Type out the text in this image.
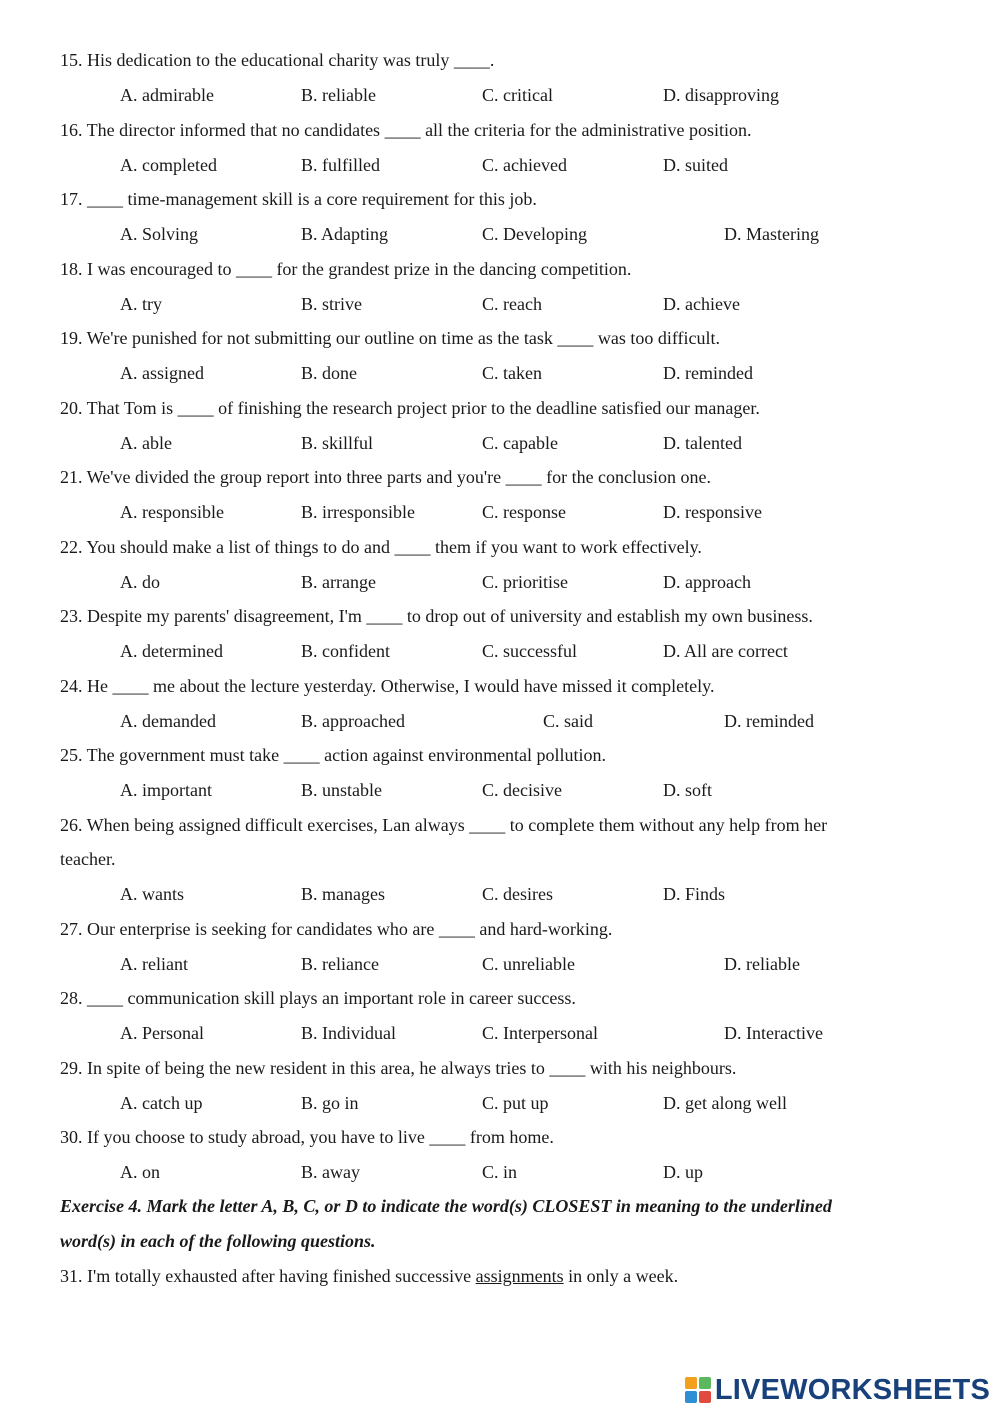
15. His dedication to the educational charity was truly ____.
A. admirable	B. reliable	C. critical	D. disapproving
16. The director informed that no candidates ____ all the criteria for the administrative position.
A. completed	B. fulfilled	C. achieved	D. suited
17. ____ time-management skill is a core requirement for this job.
A. Solving	B. Adapting	C. Developing	D. Mastering
18. I was encouraged to ____ for the grandest prize in the dancing competition.
A. try	B. strive	C. reach	D. achieve
19. We're punished for not submitting our outline on time as the task ____ was too difficult.
A. assigned	B. done	C. taken	D. reminded
20. That Tom is ____ of finishing the research project prior to the deadline satisfied our manager.
A. able	B. skillful	C. capable	D. talented
21. We've divided the group report into three parts and you're ____ for the conclusion one.
A. responsible	B. irresponsible	C. response	D. responsive
22. You should make a list of things to do and ____ them if you want to work effectively.
A. do	B. arrange	C. prioritise	D. approach
23. Despite my parents' disagreement, I'm ____ to drop out of university and establish my own business.
A. determined	B. confident	C. successful	D. All are correct
24. He ____ me about the lecture yesterday. Otherwise, I would have missed it completely.
A. demanded	B. approached	C. said	D. reminded
25. The government must take ____ action against environmental pollution.
A. important	B. unstable	C. decisive	D. soft
26. When being assigned difficult exercises, Lan always ____ to complete them without any help from her
teacher.
A. wants	B. manages	C. desires	D. Finds
27. Our enterprise is seeking for candidates who are ____ and hard-working.
A. reliant	B. reliance	C. unreliable	D. reliable
28. ____ communication skill plays an important role in career success.
A. Personal	B. Individual	C. Interpersonal	D. Interactive
29. In spite of being the new resident in this area, he always tries to ____ with his neighbours.
A. catch up	B. go in	C. put up	D. get along well
30. If you choose to study abroad, you have to live ____ from home.
A. on	B. away	C. in	D. up
Exercise 4. Mark the letter A, B, C, or D to indicate the word(s) CLOSEST in meaning to the underlined
word(s) in each of the following questions.
31. I'm totally exhausted after having finished successive assignments in only a week.
LIVEWORKSHEETS
